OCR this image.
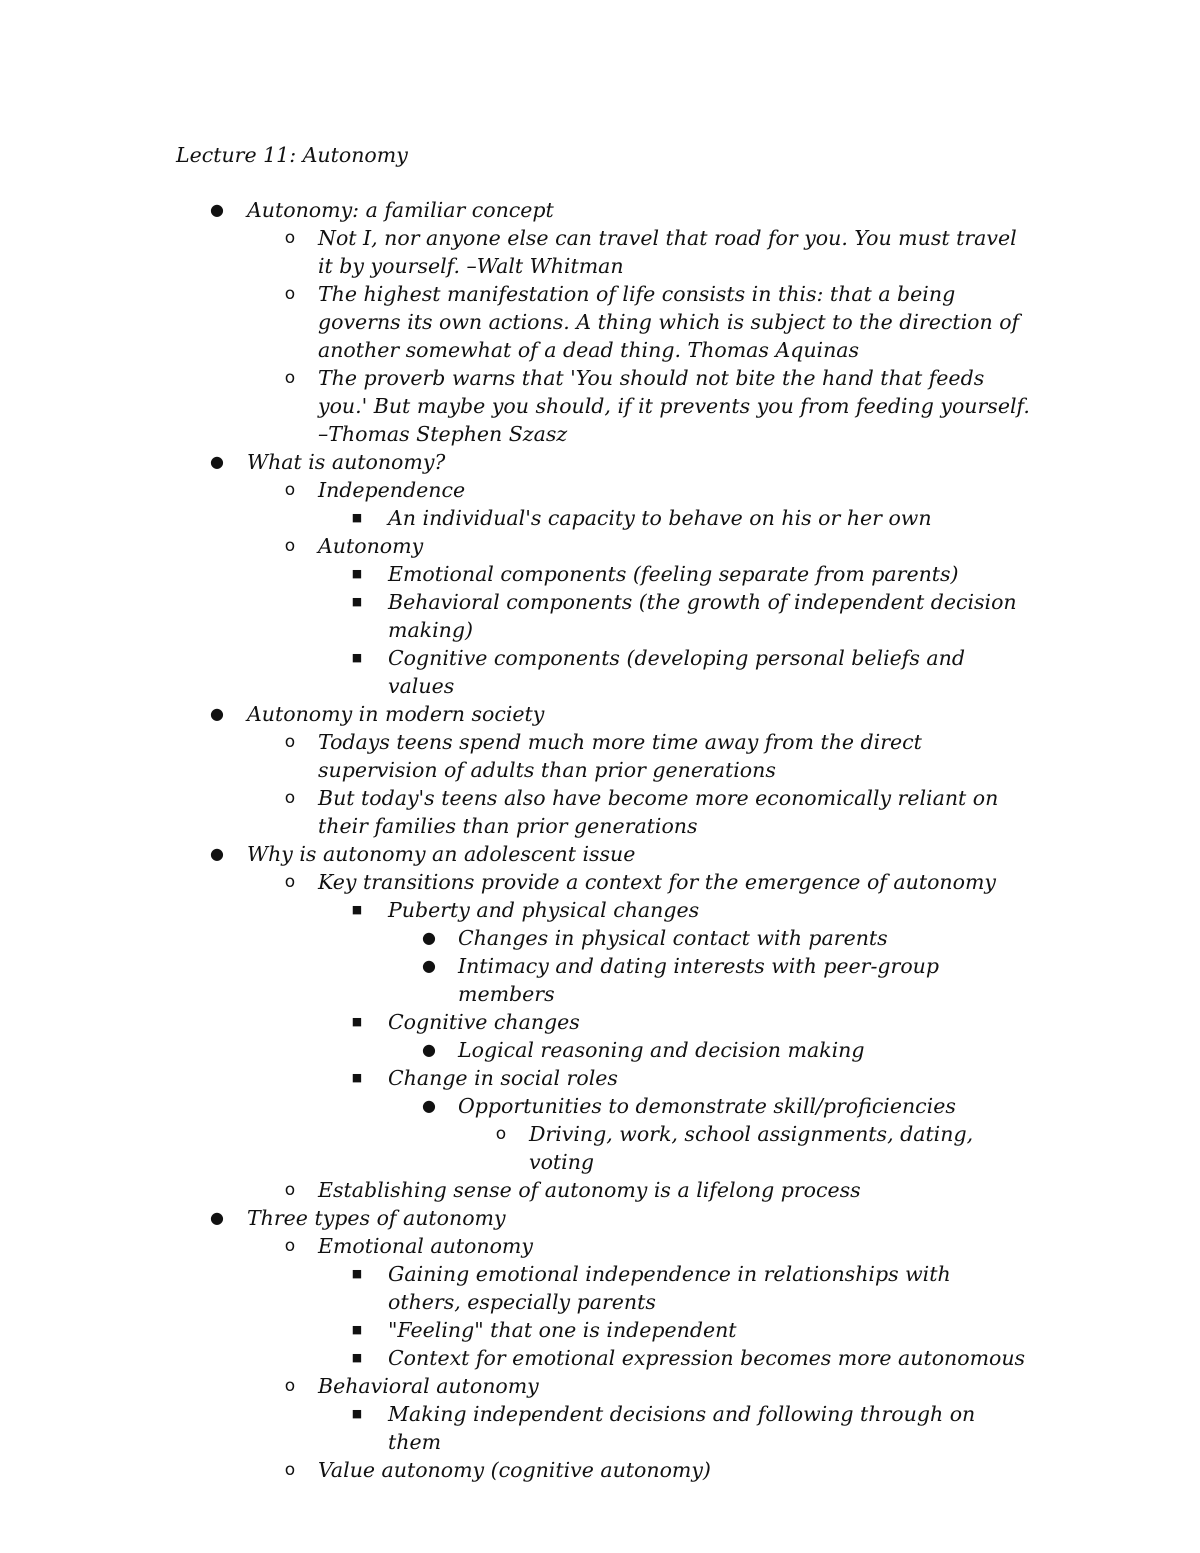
Lecture 11: Autonomy
● Autonomy: a familiar concept
o Not I, nor anyone else can travel that road for you. You must travel it by yourself. –Walt Whitman
o The highest manifestation of life consists in this: that a being governs its own actions. A thing which is subject to the direction of another somewhat of a dead thing. Thomas Aquinas
o The proverb warns that 'You should not bite the hand that feeds you.' But maybe you should, if it prevents you from feeding yourself. –Thomas Stephen Szasz
● What is autonomy?
o Independence
■ An individual's capacity to behave on his or her own
o Autonomy
■ Emotional components (feeling separate from parents)
■ Behavioral components (the growth of independent decision making)
■ Cognitive components (developing personal beliefs and values
● Autonomy in modern society
o Todays teens spend much more time away from the direct supervision of adults than prior generations
o But today's teens also have become more economically reliant on their families than prior generations
● Why is autonomy an adolescent issue
o Key transitions provide a context for the emergence of autonomy
■ Puberty and physical changes
● Changes in physical contact with parents
● Intimacy and dating interests with peer-group members
■ Cognitive changes
● Logical reasoning and decision making
■ Change in social roles
● Opportunities to demonstrate skill/proficiencies
o Driving, work, school assignments, dating, voting
o Establishing sense of autonomy is a lifelong process
● Three types of autonomy
o Emotional autonomy
■ Gaining emotional independence in relationships with others, especially parents
■ "Feeling" that one is independent
■ Context for emotional expression becomes more autonomous
o Behavioral autonomy
■ Making independent decisions and following through on them
o Value autonomy (cognitive autonomy)
